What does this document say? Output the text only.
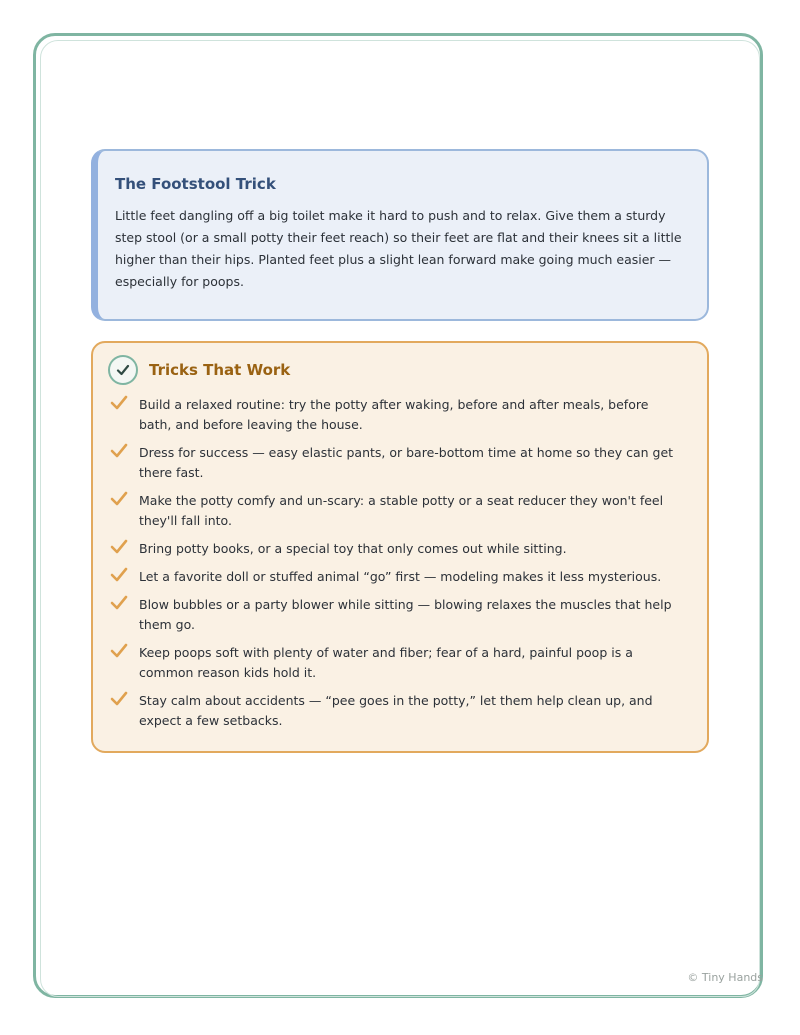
The Footstool Trick

Little feet dangling off a big toilet make it hard to push and to relax. Give them a sturdy step stool (or a small potty their feet reach) so their feet are flat and their knees sit a little higher than their hips. Planted feet plus a slight lean forward make going much easier — especially for poops.

Tricks That Work
Build a relaxed routine: try the potty after waking, before and after meals, before bath, and before leaving the house.
Dress for success — easy elastic pants, or bare-bottom time at home so they can get there fast.
Make the potty comfy and un-scary: a stable potty or a seat reducer they won't feel they'll fall into.
Bring potty books, or a special toy that only comes out while sitting.
Let a favorite doll or stuffed animal “go” first — modeling makes it less mysterious.
Blow bubbles or a party blower while sitting — blowing relaxes the muscles that help them go.
Keep poops soft with plenty of water and fiber; fear of a hard, painful poop is a common reason kids hold it.
Stay calm about accidents — “pee goes in the potty,” let them help clean up, and expect a few setbacks.
© Tiny Hands
